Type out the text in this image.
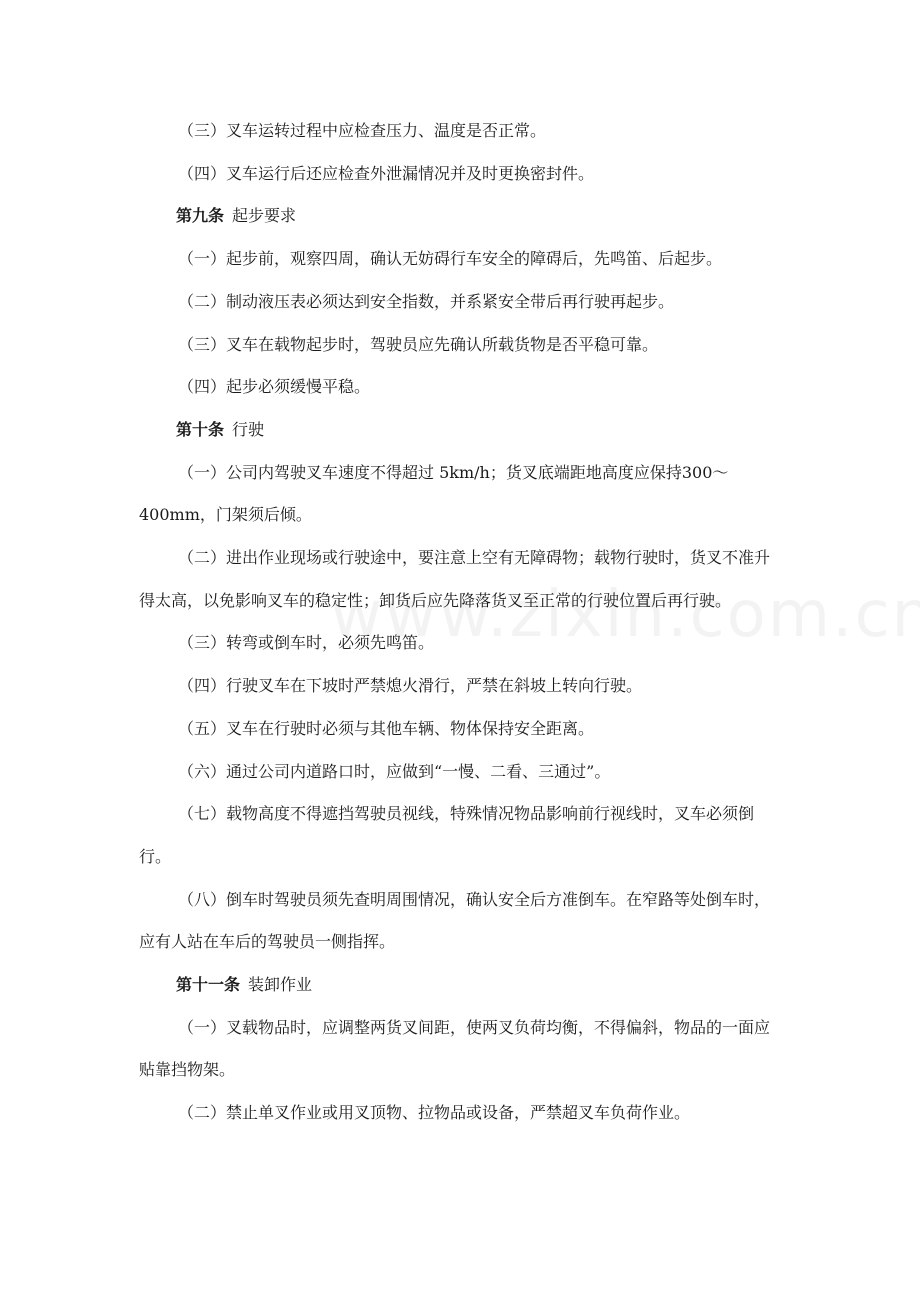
（三）叉车运转过程中应检查压力、温度是否正常。

（四）叉车运行后还应检查外泄漏情况并及时更换密封件。

第九条 起步要求

（一）起步前，观察四周，确认无妨碍行车安全的障碍后，先鸣笛、后起步。

（二）制动液压表必须达到安全指数，并系紧安全带后再行驶再起步。

（三）叉车在载物起步时，驾驶员应先确认所载货物是否平稳可靠。

（四）起步必须缓慢平稳。

第十条 行驶

（一）公司内驾驶叉车速度不得超过 5km/h；货叉底端距地高度应保持300～400mm，门架须后倾。

（二）进出作业现场或行驶途中，要注意上空有无障碍物；载物行驶时，货叉不准升得太高，以免影响叉车的稳定性；卸货后应先降落货叉至正常的行驶位置后再行驶。

（三）转弯或倒车时，必须先鸣笛。

（四）行驶叉车在下坡时严禁熄火滑行，严禁在斜坡上转向行驶。

（五）叉车在行驶时必须与其他车辆、物体保持安全距离。

（六）通过公司内道路口时，应做到“一慢、二看、三通过”。

（七）载物高度不得遮挡驾驶员视线，特殊情况物品影响前行视线时，叉车必须倒行。

（八）倒车时驾驶员须先查明周围情况，确认安全后方准倒车。在窄路等处倒车时，应有人站在车后的驾驶员一侧指挥。

第十一条 装卸作业

（一）叉载物品时，应调整两货叉间距，使两叉负荷均衡，不得偏斜，物品的一面应贴靠挡物架。

（二）禁止单叉作业或用叉顶物、拉物品或设备，严禁超叉车负荷作业。
